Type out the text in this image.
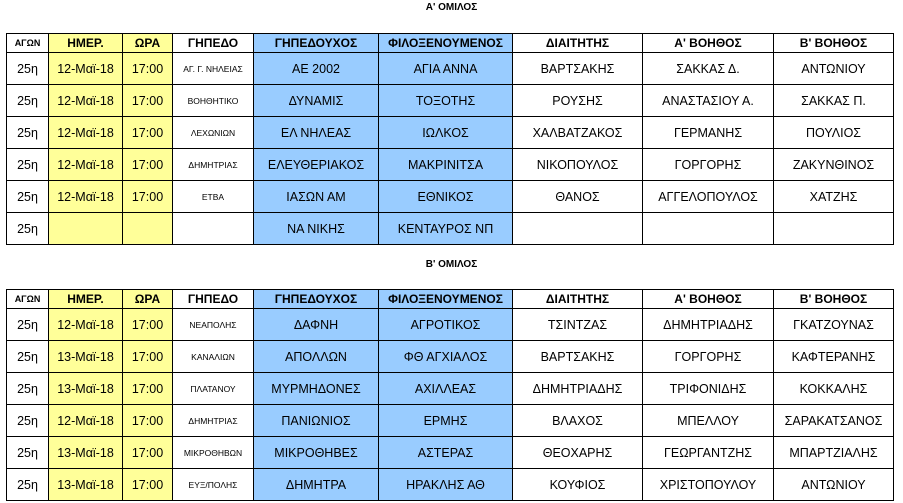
Α' ΟΜΙΛΟΣ
ΑΓΩΝ	ΗΜΕΡ.	ΩΡΑ	ΓΗΠΕΔΟ	ΓΗΠΕΔΟΥΧΟΣ	ΦΙΛΟΞΕΝΟΥΜΕΝΟΣ	ΔΙΑΙΤΗΤΗΣ	Α' ΒΟΗΘΟΣ	Β' ΒΟΗΘΟΣ
25η	12-Μαϊ-18	17:00	ΑΓ. Γ. ΝΗΛΕΙΑΣ	ΑΕ 2002	ΑΓΙΑ ΑΝΝΑ	ΒΑΡΤΣΑΚΗΣ	ΣΑΚΚΑΣ Δ.	ΑΝΤΩΝΙΟΥ
25η	12-Μαϊ-18	17:00	ΒΟΗΘΗΤΙΚΟ	ΔΥΝΑΜΙΣ	ΤΟΞΟΤΗΣ	ΡΟΥΣΗΣ	ΑΝΑΣΤΑΣΙΟΥ Α.	ΣΑΚΚΑΣ Π.
25η	12-Μαϊ-18	17:00	ΛΕΧΩΝΙΩΝ	ΕΛ ΝΗΛΕΑΣ	ΙΩΛΚΟΣ	ΧΑΛΒΑΤΖΑΚΟΣ	ΓΕΡΜΑΝΗΣ	ΠΟΥΛΙΟΣ
25η	12-Μαϊ-18	17:00	ΔΗΜΗΤΡΙΑΣ	ΕΛΕΥΘΕΡΙΑΚΟΣ	ΜΑΚΡΙΝΙΤΣΑ	ΝΙΚΟΠΟΥΛΟΣ	ΓΟΡΓΟΡΗΣ	ΖΑΚΥΝΘΙΝΟΣ
25η	12-Μαϊ-18	17:00	ΕΤΒΑ	ΙΑΣΩΝ ΑΜ	ΕΘΝΙΚΟΣ	ΘΑΝΟΣ	ΑΓΓΕΛΟΠΟΥΛΟΣ	ΧΑΤΖΗΣ
25η				ΝΑ ΝΙΚΗΣ	ΚΕΝΤΑΥΡΟΣ ΝΠ			
Β' ΟΜΙΛΟΣ
ΑΓΩΝ	ΗΜΕΡ.	ΩΡΑ	ΓΗΠΕΔΟ	ΓΗΠΕΔΟΥΧΟΣ	ΦΙΛΟΞΕΝΟΥΜΕΝΟΣ	ΔΙΑΙΤΗΤΗΣ	Α' ΒΟΗΘΟΣ	Β' ΒΟΗΘΟΣ
25η	12-Μαϊ-18	17:00	ΝΕΑΠΟΛΗΣ	ΔΑΦΝΗ	ΑΓΡΟΤΙΚΟΣ	ΤΣΙΝΤΖΑΣ	ΔΗΜΗΤΡΙΑΔΗΣ	ΓΚΑΤΖΟΥΝΑΣ
25η	13-Μαϊ-18	17:00	ΚΑΝΑΛΙΩΝ	ΑΠΟΛΛΩΝ	ΦΘ ΑΓΧΙΑΛΟΣ	ΒΑΡΤΣΑΚΗΣ	ΓΟΡΓΟΡΗΣ	ΚΑΦΤΕΡΑΝΗΣ
25η	13-Μαϊ-18	17:00	ΠΛΑΤΑΝΟΥ	ΜΥΡΜΗΔΟΝΕΣ	ΑΧΙΛΛΕΑΣ	ΔΗΜΗΤΡΙΑΔΗΣ	ΤΡΙΦΟΝΙΔΗΣ	ΚΟΚΚΑΛΗΣ
25η	12-Μαϊ-18	17:00	ΔΗΜΗΤΡΙΑΣ	ΠΑΝΙΩΝΙΟΣ	ΕΡΜΗΣ	ΒΛΑΧΟΣ	ΜΠΕΛΛΟΥ	ΣΑΡΑΚΑΤΣΑΝΟΣ
25η	13-Μαϊ-18	17:00	ΜΙΚΡΟΘΗΒΩΝ	ΜΙΚΡΟΘΗΒΕΣ	ΑΣΤΕΡΑΣ	ΘΕΟΧΑΡΗΣ	ΓΕΩΡΓΑΝΤΖΗΣ	ΜΠΑΡΤΖΙΑΛΗΣ
25η	13-Μαϊ-18	17:00	ΕΥΞ/ΠΟΛΗΣ	ΔΗΜΗΤΡΑ	ΗΡΑΚΛΗΣ ΑΘ	ΚΟΥΦΙΟΣ	ΧΡΙΣΤΟΠΟΥΛΟΥ	ΑΝΤΩΝΙΟΥ
